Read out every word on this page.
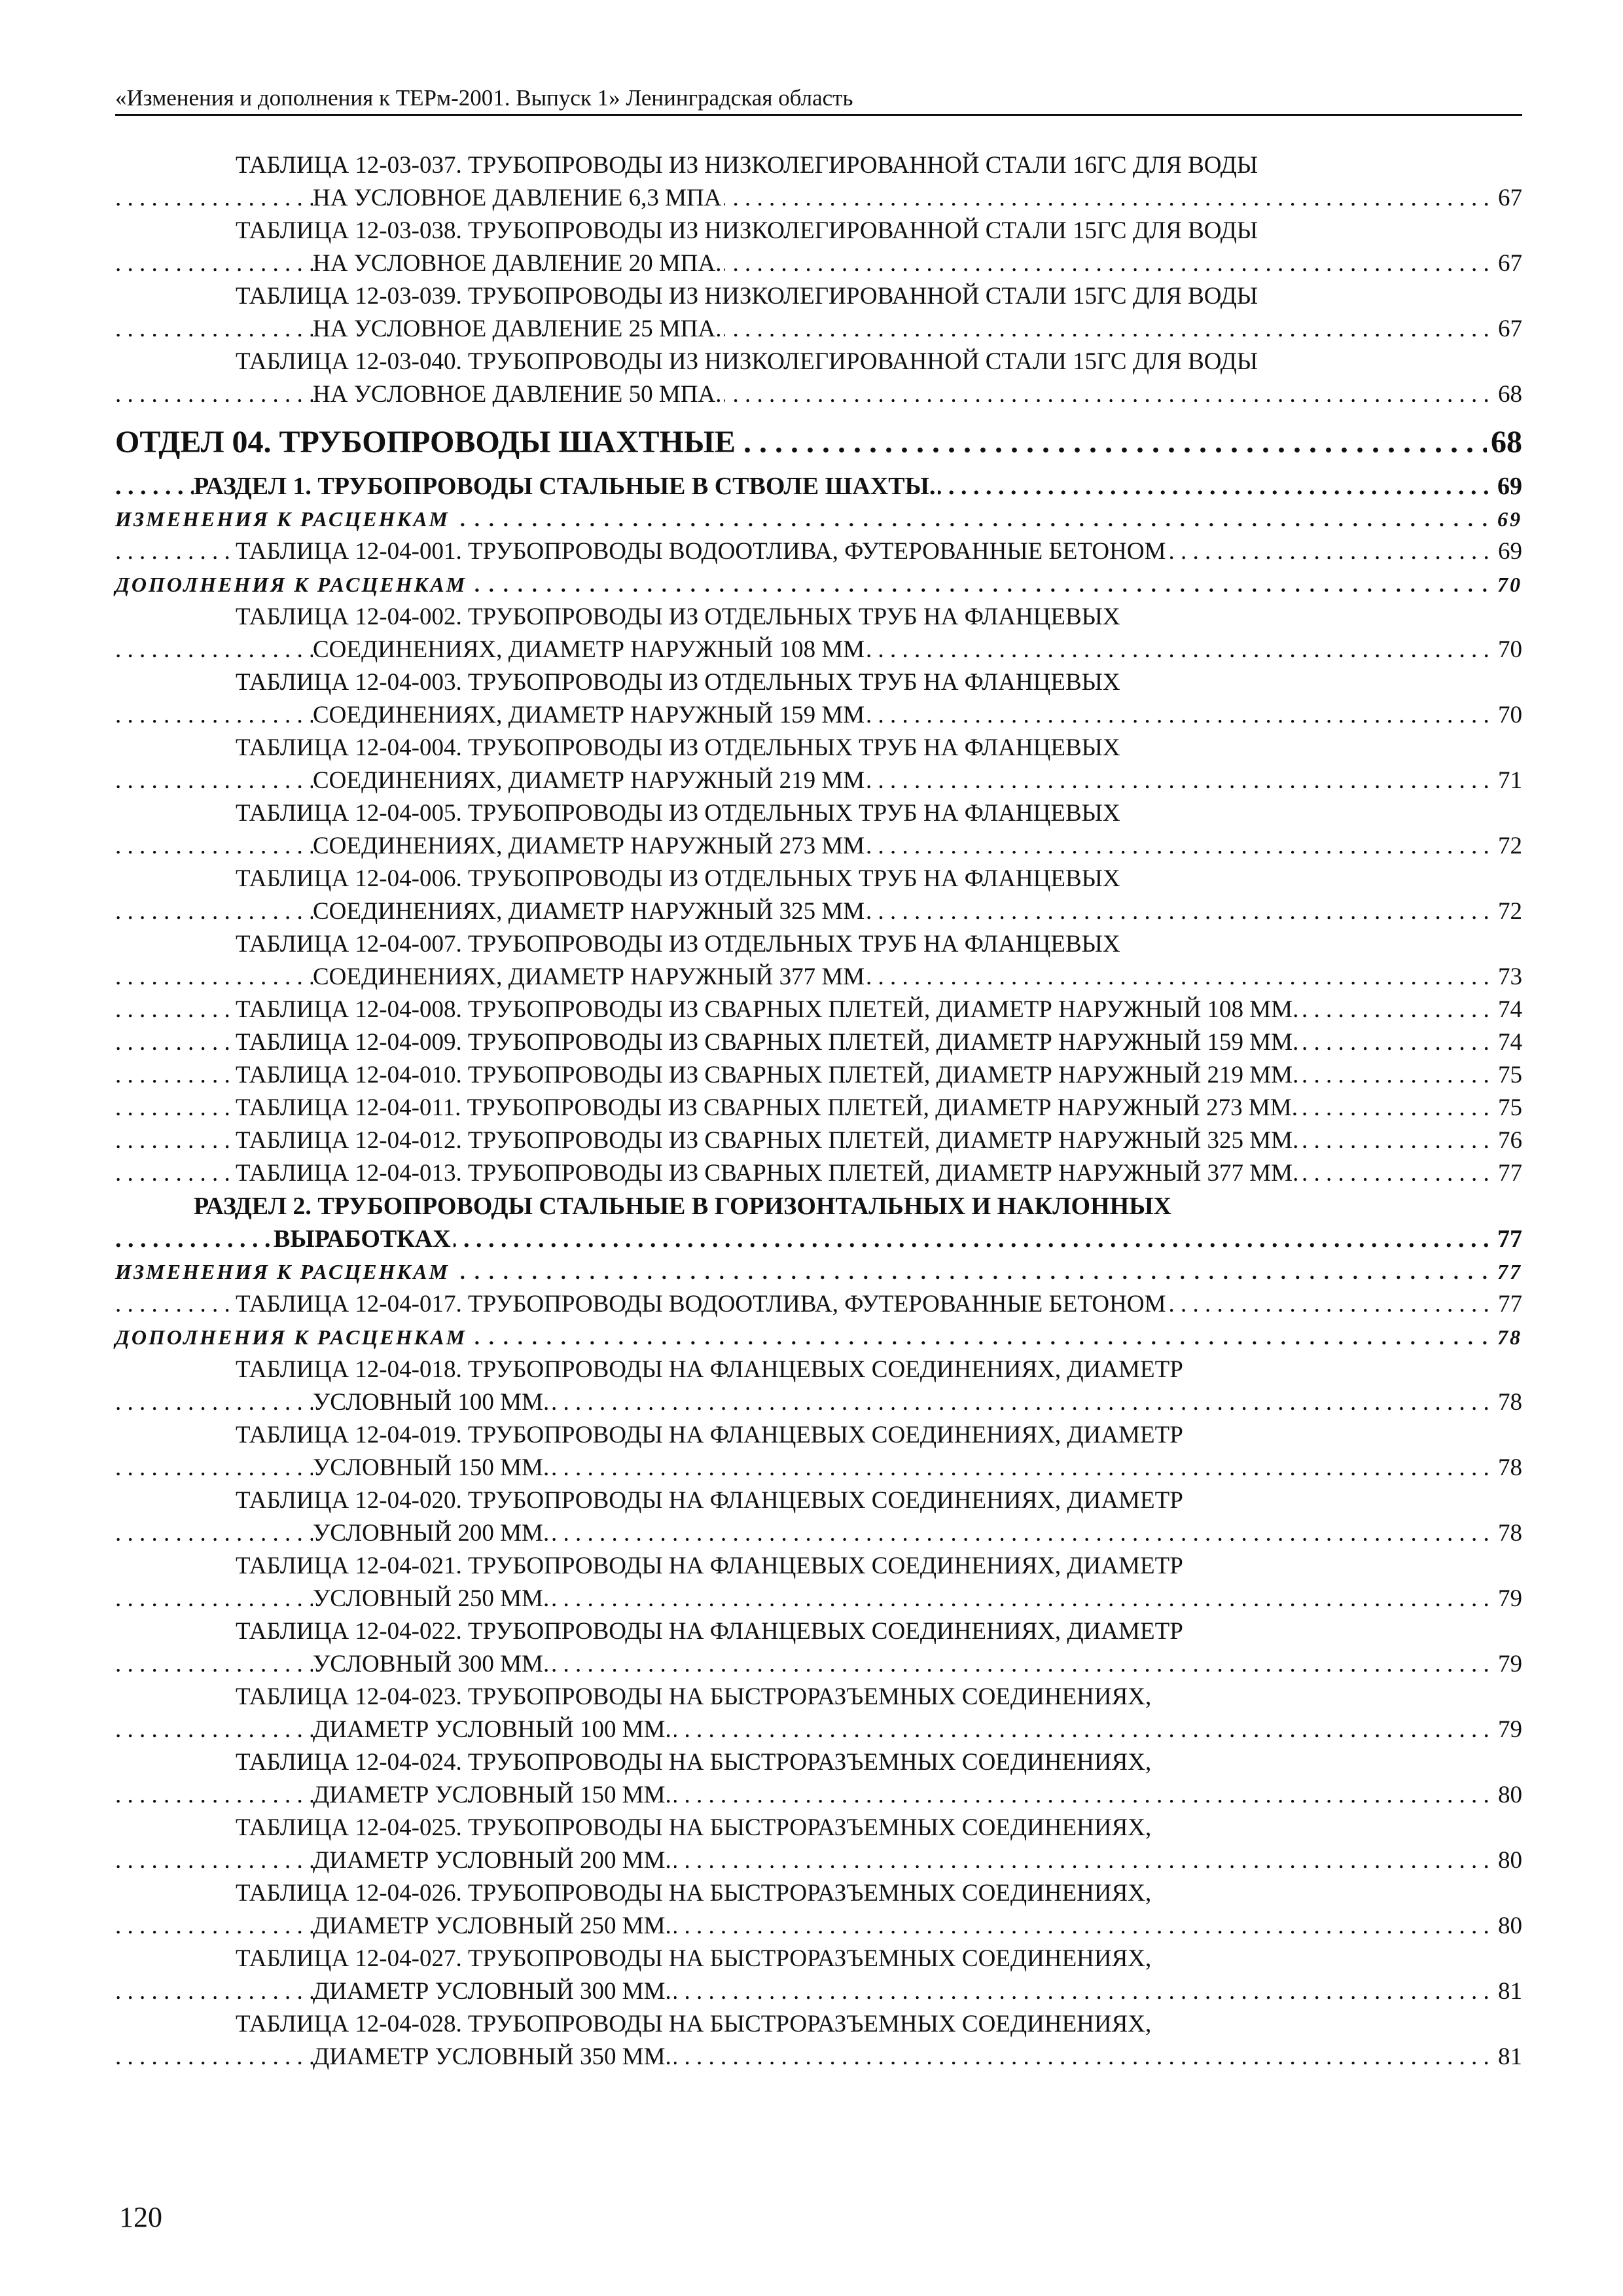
«Изменения и дополнения к ТЕРм-2001. Выпуск 1» Ленинградская область
ТАБЛИЦА 12-03-037. ТРУБОПРОВОДЫ ИЗ НИЗКОЛЕГИРОВАННОЙ СТАЛИ 16ГС ДЛЯ ВОДЫ
. . . НА УСЛОВНОЕ ДАВЛЕНИЕ 6,3 МПА	67
ТАБЛИЦА 12-03-038. ТРУБОПРОВОДЫ ИЗ НИЗКОЛЕГИРОВАННОЙ СТАЛИ 15ГС ДЛЯ ВОДЫ
. . . НА УСЛОВНОЕ ДАВЛЕНИЕ 20 МПА.	67
ТАБЛИЦА 12-03-039. ТРУБОПРОВОДЫ ИЗ НИЗКОЛЕГИРОВАННОЙ СТАЛИ 15ГС ДЛЯ ВОДЫ
. . . НА УСЛОВНОЕ ДАВЛЕНИЕ 25 МПА.	67
ТАБЛИЦА 12-03-040. ТРУБОПРОВОДЫ ИЗ НИЗКОЛЕГИРОВАННОЙ СТАЛИ 15ГС ДЛЯ ВОДЫ
. . . НА УСЛОВНОЕ ДАВЛЕНИЕ 50 МПА.	68
. . . ОТДЕЛ 04. ТРУБОПРОВОДЫ ШАХТНЫЕ	68
. . . РАЗДЕЛ 1. ТРУБОПРОВОДЫ СТАЛЬНЫЕ В СТВОЛЕ ШАХТЫ.	69
. . . ИЗМЕНЕНИЯ К РАСЦЕНКАМ	69
. . . ТАБЛИЦА 12-04-001. ТРУБОПРОВОДЫ ВОДООТЛИВА, ФУТЕРОВАННЫЕ БЕТОНОМ	69
. . . ДОПОЛНЕНИЯ К РАСЦЕНКАМ	70
ТАБЛИЦА 12-04-002. ТРУБОПРОВОДЫ ИЗ ОТДЕЛЬНЫХ ТРУБ НА ФЛАНЦЕВЫХ
. . . СОЕДИНЕНИЯХ, ДИАМЕТР НАРУЖНЫЙ 108 ММ	70
ТАБЛИЦА 12-04-003. ТРУБОПРОВОДЫ ИЗ ОТДЕЛЬНЫХ ТРУБ НА ФЛАНЦЕВЫХ
. . . СОЕДИНЕНИЯХ, ДИАМЕТР НАРУЖНЫЙ 159 ММ	70
ТАБЛИЦА 12-04-004. ТРУБОПРОВОДЫ ИЗ ОТДЕЛЬНЫХ ТРУБ НА ФЛАНЦЕВЫХ
. . . СОЕДИНЕНИЯХ, ДИАМЕТР НАРУЖНЫЙ 219 ММ	71
ТАБЛИЦА 12-04-005. ТРУБОПРОВОДЫ ИЗ ОТДЕЛЬНЫХ ТРУБ НА ФЛАНЦЕВЫХ
. . . СОЕДИНЕНИЯХ, ДИАМЕТР НАРУЖНЫЙ 273 ММ	72
ТАБЛИЦА 12-04-006. ТРУБОПРОВОДЫ ИЗ ОТДЕЛЬНЫХ ТРУБ НА ФЛАНЦЕВЫХ
. . . СОЕДИНЕНИЯХ, ДИАМЕТР НАРУЖНЫЙ 325 ММ	72
ТАБЛИЦА 12-04-007. ТРУБОПРОВОДЫ ИЗ ОТДЕЛЬНЫХ ТРУБ НА ФЛАНЦЕВЫХ
. . . СОЕДИНЕНИЯХ, ДИАМЕТР НАРУЖНЫЙ 377 ММ	73
. . . ТАБЛИЦА 12-04-008. ТРУБОПРОВОДЫ ИЗ СВАРНЫХ ПЛЕТЕЙ, ДИАМЕТР НАРУЖНЫЙ 108 ММ.	74
. . . ТАБЛИЦА 12-04-009. ТРУБОПРОВОДЫ ИЗ СВАРНЫХ ПЛЕТЕЙ, ДИАМЕТР НАРУЖНЫЙ 159 ММ.	74
. . . ТАБЛИЦА 12-04-010. ТРУБОПРОВОДЫ ИЗ СВАРНЫХ ПЛЕТЕЙ, ДИАМЕТР НАРУЖНЫЙ 219 ММ.	75
. . . ТАБЛИЦА 12-04-011. ТРУБОПРОВОДЫ ИЗ СВАРНЫХ ПЛЕТЕЙ, ДИАМЕТР НАРУЖНЫЙ 273 ММ.	75
. . . ТАБЛИЦА 12-04-012. ТРУБОПРОВОДЫ ИЗ СВАРНЫХ ПЛЕТЕЙ, ДИАМЕТР НАРУЖНЫЙ 325 ММ.	76
. . . ТАБЛИЦА 12-04-013. ТРУБОПРОВОДЫ ИЗ СВАРНЫХ ПЛЕТЕЙ, ДИАМЕТР НАРУЖНЫЙ 377 ММ.	77
РАЗДЕЛ 2. ТРУБОПРОВОДЫ СТАЛЬНЫЕ В ГОРИЗОНТАЛЬНЫХ И НАКЛОННЫХ
. . . ВЫРАБОТКАХ	77
. . . ИЗМЕНЕНИЯ К РАСЦЕНКАМ	77
. . . ТАБЛИЦА 12-04-017. ТРУБОПРОВОДЫ ВОДООТЛИВА, ФУТЕРОВАННЫЕ БЕТОНОМ	77
. . . ДОПОЛНЕНИЯ К РАСЦЕНКАМ	78
ТАБЛИЦА 12-04-018. ТРУБОПРОВОДЫ НА ФЛАНЦЕВЫХ СОЕДИНЕНИЯХ, ДИАМЕТР
. . . УСЛОВНЫЙ 100 ММ.	78
ТАБЛИЦА 12-04-019. ТРУБОПРОВОДЫ НА ФЛАНЦЕВЫХ СОЕДИНЕНИЯХ, ДИАМЕТР
. . . УСЛОВНЫЙ 150 ММ.	78
ТАБЛИЦА 12-04-020. ТРУБОПРОВОДЫ НА ФЛАНЦЕВЫХ СОЕДИНЕНИЯХ, ДИАМЕТР
. . . УСЛОВНЫЙ 200 ММ.	78
ТАБЛИЦА 12-04-021. ТРУБОПРОВОДЫ НА ФЛАНЦЕВЫХ СОЕДИНЕНИЯХ, ДИАМЕТР
. . . УСЛОВНЫЙ 250 ММ.	79
ТАБЛИЦА 12-04-022. ТРУБОПРОВОДЫ НА ФЛАНЦЕВЫХ СОЕДИНЕНИЯХ, ДИАМЕТР
. . . УСЛОВНЫЙ 300 ММ.	79
ТАБЛИЦА 12-04-023. ТРУБОПРОВОДЫ НА БЫСТРОРАЗЪЕМНЫХ СОЕДИНЕНИЯХ,
. . . ДИАМЕТР УСЛОВНЫЙ 100 ММ.	79
ТАБЛИЦА 12-04-024. ТРУБОПРОВОДЫ НА БЫСТРОРАЗЪЕМНЫХ СОЕДИНЕНИЯХ,
. . . ДИАМЕТР УСЛОВНЫЙ 150 ММ.	80
ТАБЛИЦА 12-04-025. ТРУБОПРОВОДЫ НА БЫСТРОРАЗЪЕМНЫХ СОЕДИНЕНИЯХ,
. . . ДИАМЕТР УСЛОВНЫЙ 200 ММ.	80
ТАБЛИЦА 12-04-026. ТРУБОПРОВОДЫ НА БЫСТРОРАЗЪЕМНЫХ СОЕДИНЕНИЯХ,
. . . ДИАМЕТР УСЛОВНЫЙ 250 ММ.	80
ТАБЛИЦА 12-04-027. ТРУБОПРОВОДЫ НА БЫСТРОРАЗЪЕМНЫХ СОЕДИНЕНИЯХ,
. . . ДИАМЕТР УСЛОВНЫЙ 300 ММ.	81
ТАБЛИЦА 12-04-028. ТРУБОПРОВОДЫ НА БЫСТРОРАЗЪЕМНЫХ СОЕДИНЕНИЯХ,
. . . ДИАМЕТР УСЛОВНЫЙ 350 ММ.	81
120
